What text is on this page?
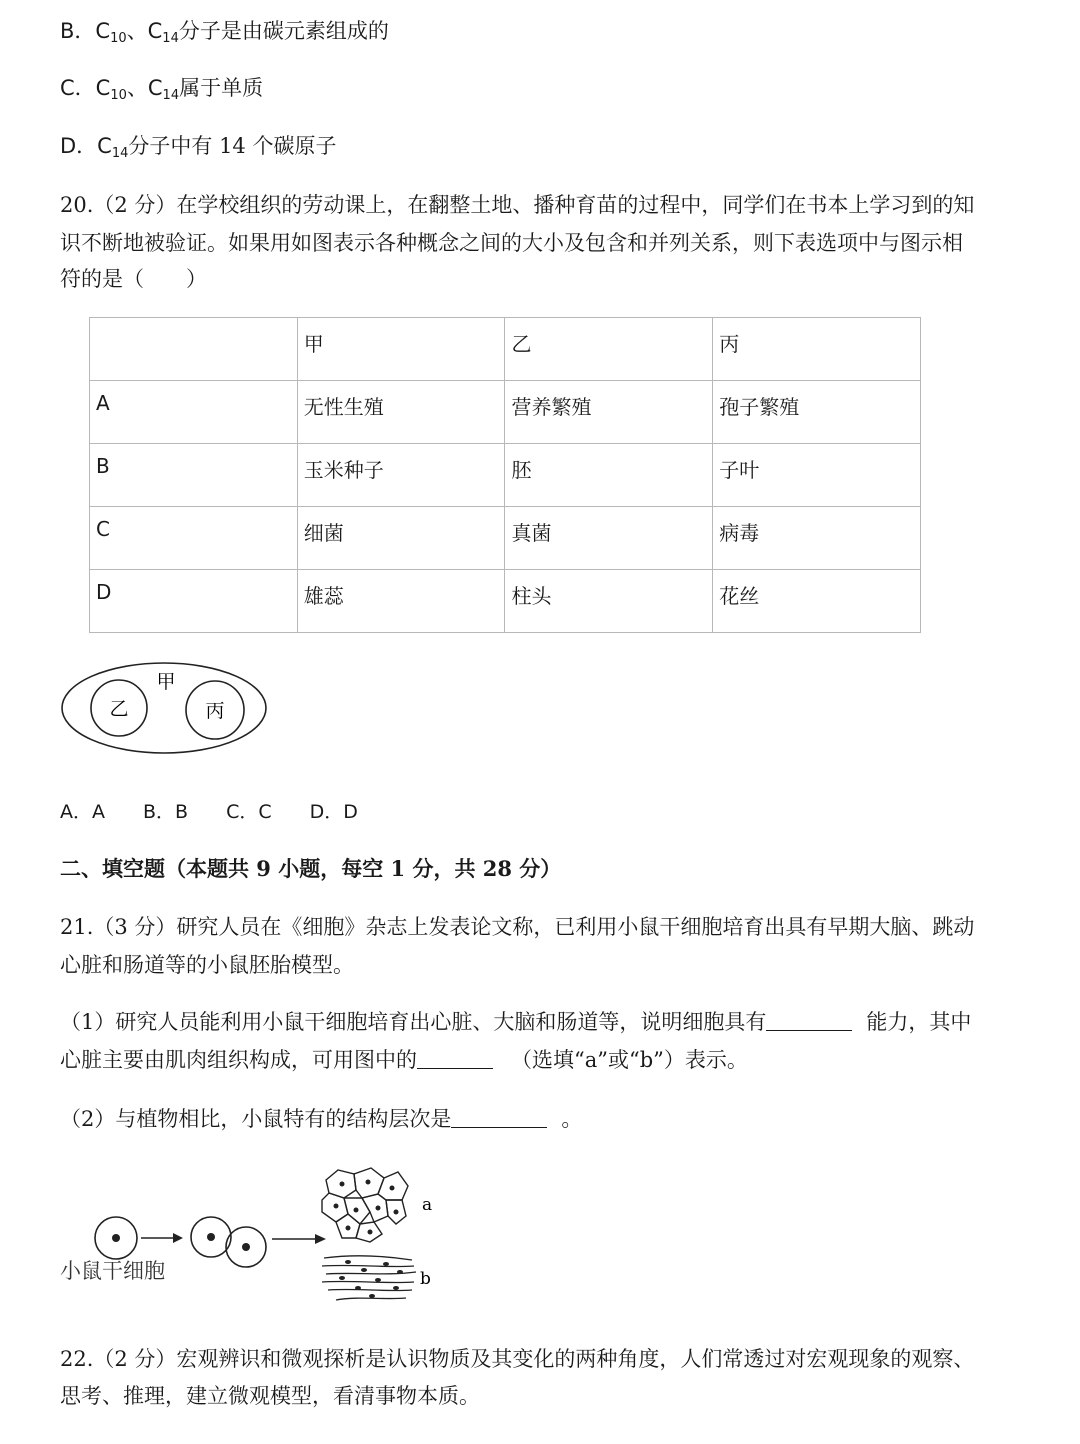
B．$C_{10}$、$C_{14}$分子是由碳元素组成的
C．$C_{10}$、$C_{14}$属于单质
D．$C_{14}$分子中有 14 个碳原子
20.（2 分）在学校组织的劳动课上，在翻整土地、播种育苗的过程中，同学们在书本上学习到的知
识不断地被验证。如果用如图表示各种概念之间的大小及包含和并列关系，则下表选项中与图示相
符的是（　　）
	甲	乙	丙
A	无性生殖	营养繁殖	孢子繁殖
B	玉米种子	胚	子叶
C	细菌	真菌	病毒
D	雄蕊	柱头	花丝
甲
乙	丙
A．A B．B C．C D．D
二、填空题（本题共 9 小题，每空 1 分，共 28 分）
21.（3 分）研究人员在《细胞》杂志上发表论文称，已利用小鼠干细胞培育出具有早期大脑、跳动
心脏和肠道等的小鼠胚胎模型。
（1）研究人员能利用小鼠干细胞培育出心脏、大脑和肠道等，说明细胞具有	能力，其中
心脏主要由肌肉组织构成，可用图中的	（选填“a”或“b”）表示。
（2）与植物相比，小鼠特有的结构层次是	。
a
b
小鼠干细胞
22.（2 分）宏观辨识和微观探析是认识物质及其变化的两种角度，人们常透过对宏观现象的观察、
思考、推理，建立微观模型，看清事物本质。
